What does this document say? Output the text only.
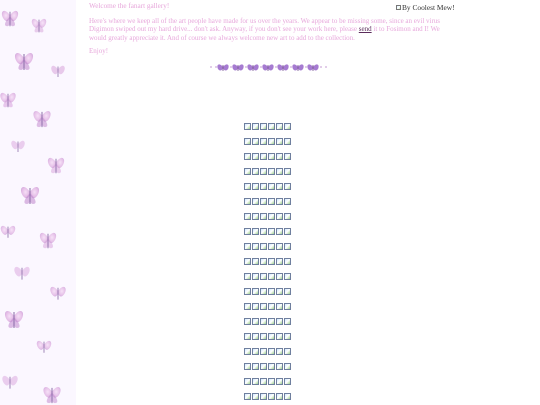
Welcome the fanart gallery!

Here's where we keep all of the art people have made for us over the years. We appear to be missing some, since an evil virus Digimon swiped out my hard drive... don't ask. Anyway, if you don't see your work here, please send it to Fosimon and I! We would greatly appreciate it. And of course we always welcome new art to add to the collection.

Enjoy!

By Coolest Mew!
